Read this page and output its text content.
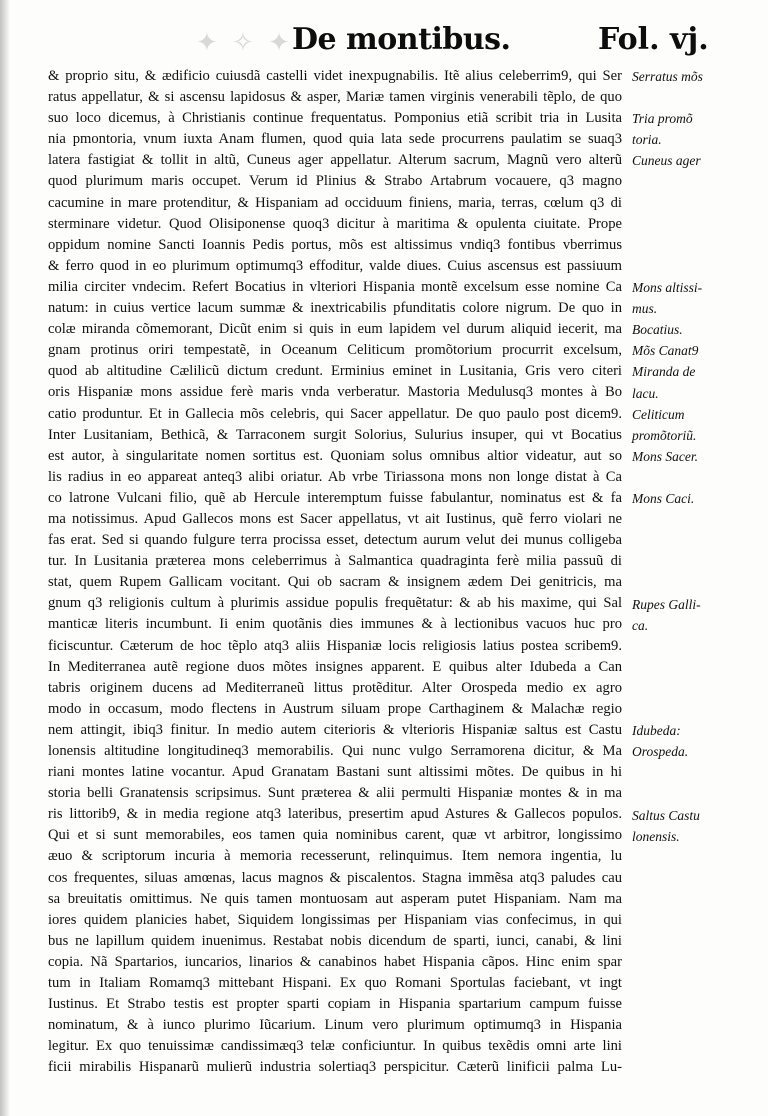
✦ ✧ ✦ De montibus.	Fol. vj.
& proprio situ, & ædificio cuiusdã castelli videt inexpugnabilis. Itẽ alius celeberrim9, qui Ser
ratus appellatur, & si ascensu lapidosus & asper, Mariæ tamen virginis venerabili tẽplo, de quo
suo loco dicemus, à Christianis continue frequentatus. Pomponius etiã scribit tria in Lusita
nia pmontoria, vnum iuxta Anam flumen, quod quia lata sede procurrens paulatim se suaq3
latera fastigiat & tollit in altũ, Cuneus ager appellatur. Alterum sacrum, Magnũ vero alterũ
quod plurimum maris occupet. Verum id Plinius & Strabo Artabrum vocauere, q3 magno
cacumine in mare protenditur, & Hispaniam ad occiduum finiens, maria, terras, cœlum q3 di
sterminare videtur. Quod Olisiponense quoq3 dicitur à maritima & opulenta ciuitate. Prope
oppidum nomine Sancti Ioannis Pedis portus, mõs est altissimus vndiq3 fontibus vberrimus
& ferro quod in eo plurimum optimumq3 effoditur, valde diues. Cuius ascensus est passiuum
milia circiter vndecim. Refert Bocatius in vlteriori Hispania montẽ excelsum esse nomine Ca
natum: in cuius vertice lacum summæ & inextricabilis pfunditatis colore nigrum. De quo in
colæ miranda cõmemorant, Dicũt enim si quis in eum lapidem vel durum aliquid iecerit, ma
gnam protinus oriri tempestatẽ, in Oceanum Celiticum promõtorium procurrit excelsum,
quod ab altitudine Cælilicũ dictum credunt. Erminius eminet in Lusitania, Gris vero citeri
oris Hispaniæ mons assidue ferè maris vnda verberatur. Mastoria Medulusq3 montes à Bo
catio produntur. Et in Gallecia mõs celebris, qui Sacer appellatur. De quo paulo post dicem9.
Inter Lusitaniam, Bethicã, & Tarraconem surgit Solorius, Sulurius insuper, qui vt Bocatius
est autor, à singularitate nomen sortitus est. Quoniam solus omnibus altior videatur, aut so
lis radius in eo appareat anteq3 alibi oriatur. Ab vrbe Tiriassona mons non longe distat à Ca
co latrone Vulcani filio, quẽ ab Hercule interemptum fuisse fabulantur, nominatus est & fa
ma notissimus. Apud Gallecos mons est Sacer appellatus, vt ait Iustinus, quẽ ferro violari ne
fas erat. Sed si quando fulgure terra procissa esset, detectum aurum velut dei munus colligeba
tur. In Lusitania præterea mons celeberrimus à Salmantica quadraginta ferè milia passuũ di
stat, quem Rupem Gallicam vocitant. Qui ob sacram & insignem ædem Dei genitricis, ma
gnum q3 religionis cultum à plurimis assidue populis frequẽtatur: & ab his maxime, qui Sal
manticæ literis incumbunt. Ii enim quotãnis dies immunes & à lectionibus vacuos huc pro
ficiscuntur. Cæterum de hoc tẽplo atq3 aliis Hispaniæ locis religiosis latius postea scribem9.
In Mediterranea autẽ regione duos mõtes insignes apparent. E quibus alter Idubeda a Can
tabris originem ducens ad Mediterraneũ littus protẽditur. Alter Orospeda medio ex agro
modo in occasum, modo flectens in Austrum siluam prope Carthaginem & Malachæ regio
nem attingit, ibiq3 finitur. In medio autem citerioris & vlterioris Hispaniæ saltus est Castu
lonensis altitudine longitudineq3 memorabilis. Qui nunc vulgo Serramorena dicitur, & Ma
riani montes latine vocantur. Apud Granatam Bastani sunt altissimi mõtes. De quibus in hi
storia belli Granatensis scripsimus. Sunt præterea & alii permulti Hispaniæ montes & in ma
ris littorib9, & in media regione atq3 lateribus, presertim apud Astures & Gallecos populos.
Qui et si sunt memorabiles, eos tamen quia nominibus carent, quæ vt arbitror, longissimo
æuo & scriptorum incuria à memoria recesserunt, relinquimus. Item nemora ingentia, lu
cos frequentes, siluas amœnas, lacus magnos & piscalentos. Stagna immẽsa atq3 paludes cau
sa breuitatis omittimus. Ne quis tamen montuosam aut asperam putet Hispaniam. Nam ma
iores quidem planicies habet, Siquidem longissimas per Hispaniam vias confecimus, in qui
bus ne lapillum quidem inuenimus. Restabat nobis dicendum de sparti, iunci, canabi, & lini
copia. Nã Spartarios, iuncarios, linarios & canabinos habet Hispania cãpos. Hinc enim spar
tum in Italiam Romamq3 mittebant Hispani. Ex quo Romani Sportulas faciebant, vt ingt
Iustinus. Et Strabo testis est propter sparti copiam in Hispania spartarium campum fuisse
nominatum, & à iunco plurimo Iũcarium. Linum vero plurimum optimumq3 in Hispania
legitur. Ex quo tenuissimæ candissimæq3 telæ conficiuntur. In quibus texẽdis omni arte lini
ficii mirabilis Hispanarũ mulierũ industria solertiaq3 perspicitur. Cæterũ linificii palma Lu-
Serratus mõs
Tria promõ
toria.
Cuneus ager
Mons altissi-
mus.
Bocatius.
Mõs Canat9
Miranda de
lacu.
Celiticum
promõtoriũ.
Mons Sacer.
Mons Caci.
Rupes Galli-
ca.
Idubeda:
Orospeda.
Saltus Castu
lonensis.
